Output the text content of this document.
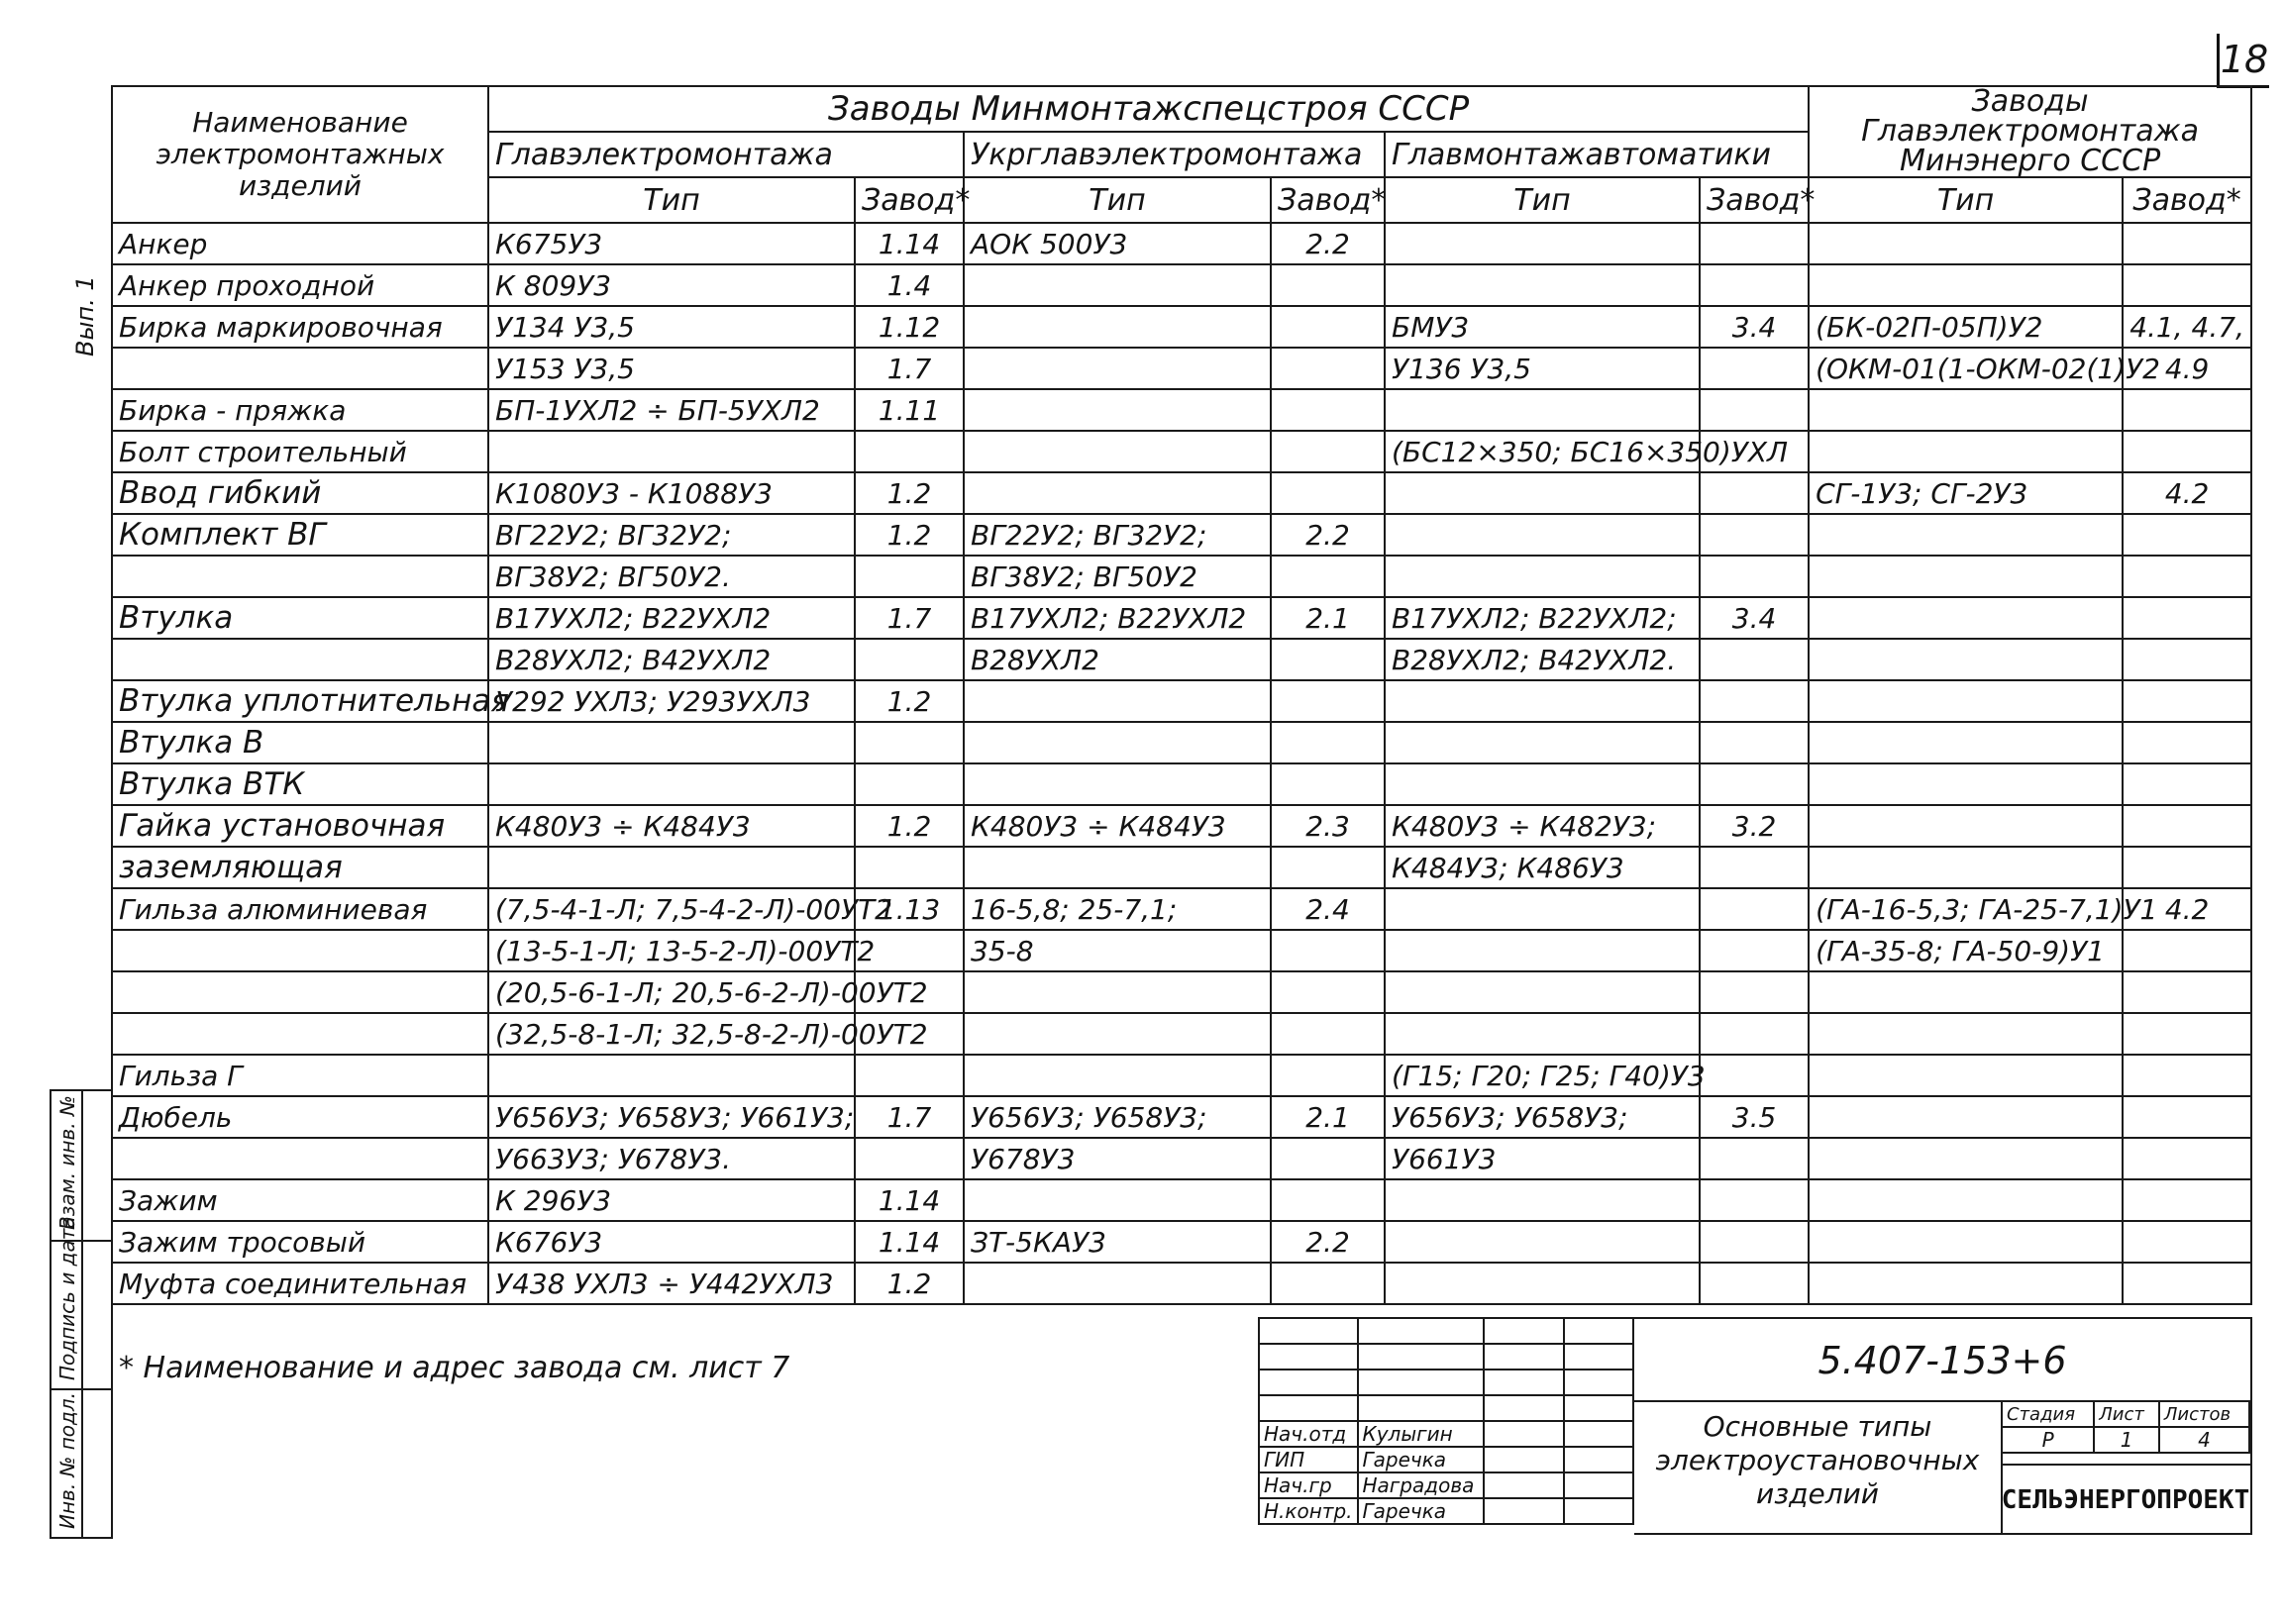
18
Вып. 1
Наименование электромонтажных изделий	Заводы Минмонтажспецстроя СССР						Заводы Главэлектромонтажа Минэнерго СССР	
	Главэлектромонтажа		Укрглавэлектромонтажа		Главмонтажавтоматики			
	Тип	Завод*	Тип	Завод*	Тип	Завод*	Тип	Завод*
Анкер	К675У3	1.14	АОК 500У3	2.2				
Анкер проходной	К 809У3	1.4						
Бирка маркировочная	У134 У3,5	1.12			БМУ3	3.4	(БК-02П-05П)У2	4.1, 4.7,
	У153 У3,5	1.7			У136 У3,5		(ОКМ-01(1-ОКМ-02(1)У2	4.9
Бирка - пряжка	БП-1УХЛ2 ÷ БП-5УХЛ2	1.11						
Болт строительный					(БС12×350; БС16×350)УХЛ			
Ввод гибкий	К1080У3 - К1088У3	1.2					СГ-1У3; СГ-2У3	4.2
Комплект ВГ	ВГ22У2; ВГ32У2;	1.2	ВГ22У2; ВГ32У2;	2.2				
	ВГ38У2; ВГ50У2.		ВГ38У2; ВГ50У2					
Втулка	В17УХЛ2; В22УХЛ2	1.7	В17УХЛ2; В22УХЛ2	2.1	В17УХЛ2; В22УХЛ2;	3.4		
	В28УХЛ2; В42УХЛ2		В28УХЛ2		В28УХЛ2; В42УХЛ2.			
Втулка уплотнительная	У292 УХЛ3; У293УХЛ3	1.2						
Втулка В								
Втулка ВТК								
Гайка установочная	К480У3 ÷ К484У3	1.2	К480У3 ÷ К484У3	2.3	К480У3 ÷ К482У3;	3.2		
заземляющая					К484У3; К486У3			
Гильза алюминиевая	(7,5-4-1-Л; 7,5-4-2-Л)-00УТ2	1.13	16-5,8; 25-7,1;	2.4			(ГА-16-5,3; ГА-25-7,1)У1	4.2
	(13-5-1-Л; 13-5-2-Л)-00УТ2		35-8				(ГА-35-8; ГА-50-9)У1	
	(20,5-6-1-Л; 20,5-6-2-Л)-00УТ2							
	(32,5-8-1-Л; 32,5-8-2-Л)-00УТ2							
Гильза Г					(Г15; Г20; Г25; Г40)У3			
Дюбель	У656У3; У658У3; У661У3;	1.7	У656У3; У658У3;	2.1	У656У3; У658У3;	3.5		
	У663У3; У678У3.		У678У3		У661У3			
Зажим	К 296У3	1.14						
Зажим тросовый	К676У3	1.14	ЗТ-5КАУ3	2.2				
Муфта соединительная	У438 УХЛ3 ÷ У442УХЛ3	1.2						
* Наименование и адрес завода см. лист 7

Нач.отд	Кулыгин		
ГИП	Гаречка		
Нач.гр	Наградова		
Н.контр.	Гаречка		
5.407-153+6
Основные типы электроустановочных изделий
Стадия	Лист	Листов
Р	1	4
СЕЛЬЭНЕРГОПРОЕКТ
Взам. инв. №
Подпись и дата
Инв. № подл.
